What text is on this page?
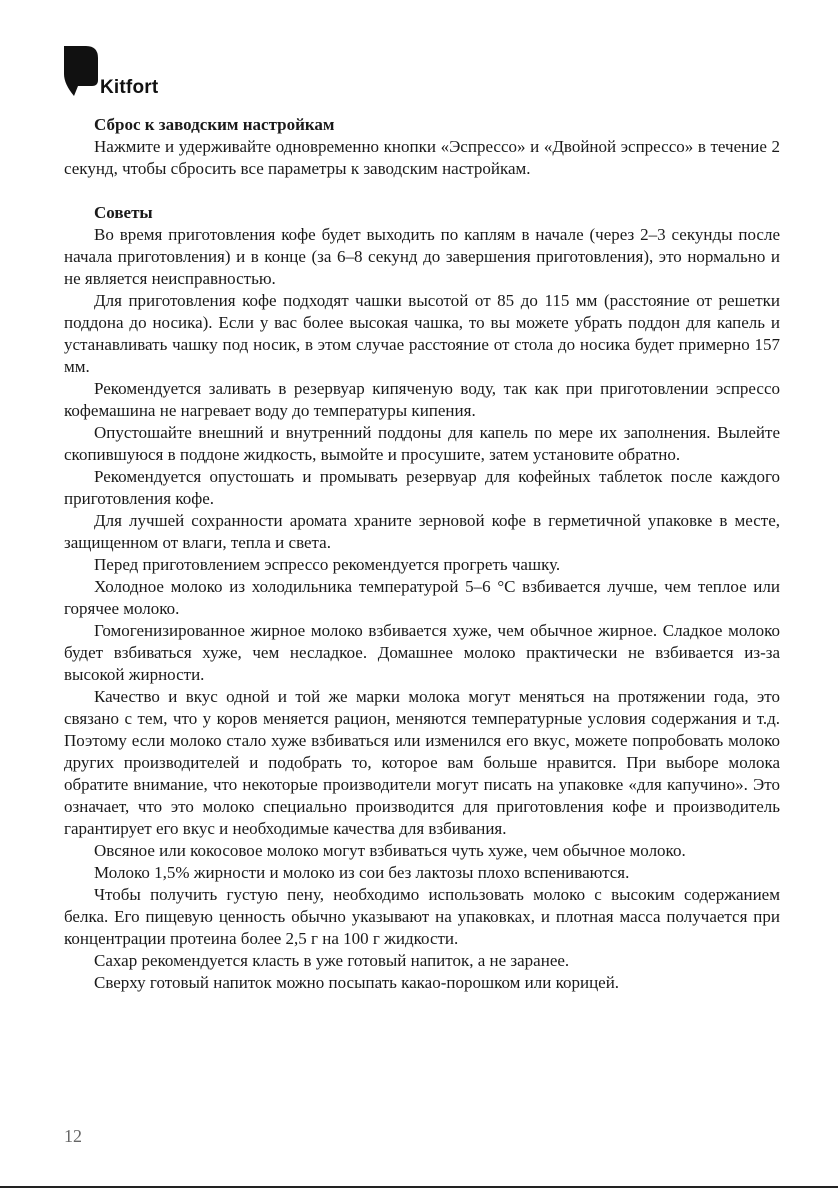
Kitfort
Сброс к заводским настройкам

Нажмите и удерживайте одновременно кнопки «Эспрессо» и «Двойной эспрессо» в течение 2 секунд, чтобы сбросить все параметры к заводским настройкам.

Советы

Во время приготовления кофе будет выходить по каплям в начале (через 2–3 секунды после начала приготовления) и в конце (за 6–8 секунд до завершения приготовления), это нормально и не является неисправностью.

Для приготовления кофе подходят чашки высотой от 85 до 115 мм (расстояние от решетки поддона до носика). Если у вас более высокая чашка, то вы можете убрать поддон для капель и устанавливать чашку под носик, в этом случае расстояние от стола до носика будет примерно 157 мм.

Рекомендуется заливать в резервуар кипяченую воду, так как при приготовлении эспрессо кофемашина не нагревает воду до температуры кипения.

Опустошайте внешний и внутренний поддоны для капель по мере их заполнения. Вылейте скопившуюся в поддоне жидкость, вымойте и просушите, затем установите обратно.

Рекомендуется опустошать и промывать резервуар для кофейных таблеток после каждого приготовления кофе.

Для лучшей сохранности аромата храните зерновой кофе в герметичной упаковке в месте, защищенном от влаги, тепла и света.

Перед приготовлением эспрессо рекомендуется прогреть чашку.

Холодное молоко из холодильника температурой 5–6 °С взбивается лучше, чем теплое или горячее молоко.

Гомогенизированное жирное молоко взбивается хуже, чем обычное жирное. Сладкое молоко будет взбиваться хуже, чем несладкое. Домашнее молоко практически не взбивается из-за высокой жирности.

Качество и вкус одной и той же марки молока могут меняться на протяжении года, это связано с тем, что у коров меняется рацион, меняются температурные условия содержания и т.д. Поэтому если молоко стало хуже взбиваться или изменился его вкус, можете попробовать молоко других производителей и подобрать то, которое вам больше нравится. При выборе молока обратите внимание, что некоторые производители могут писать на упаковке «для капучино». Это означает, что это молоко специально производится для приготовления кофе и производитель гарантирует его вкус и необходимые качества для взбивания.

Овсяное или кокосовое молоко могут взбиваться чуть хуже, чем обычное молоко.

Молоко 1,5% жирности и молоко из сои без лактозы плохо вспениваются.

Чтобы получить густую пену, необходимо использовать молоко с высоким содержанием белка. Его пищевую ценность обычно указывают на упаковках, и плотная масса получается при концентрации протеина более 2,5 г на 100 г жидкости.

Сахар рекомендуется класть в уже готовый напиток, а не заранее.

Сверху готовый напиток можно посыпать какао-порошком или корицей.

12
